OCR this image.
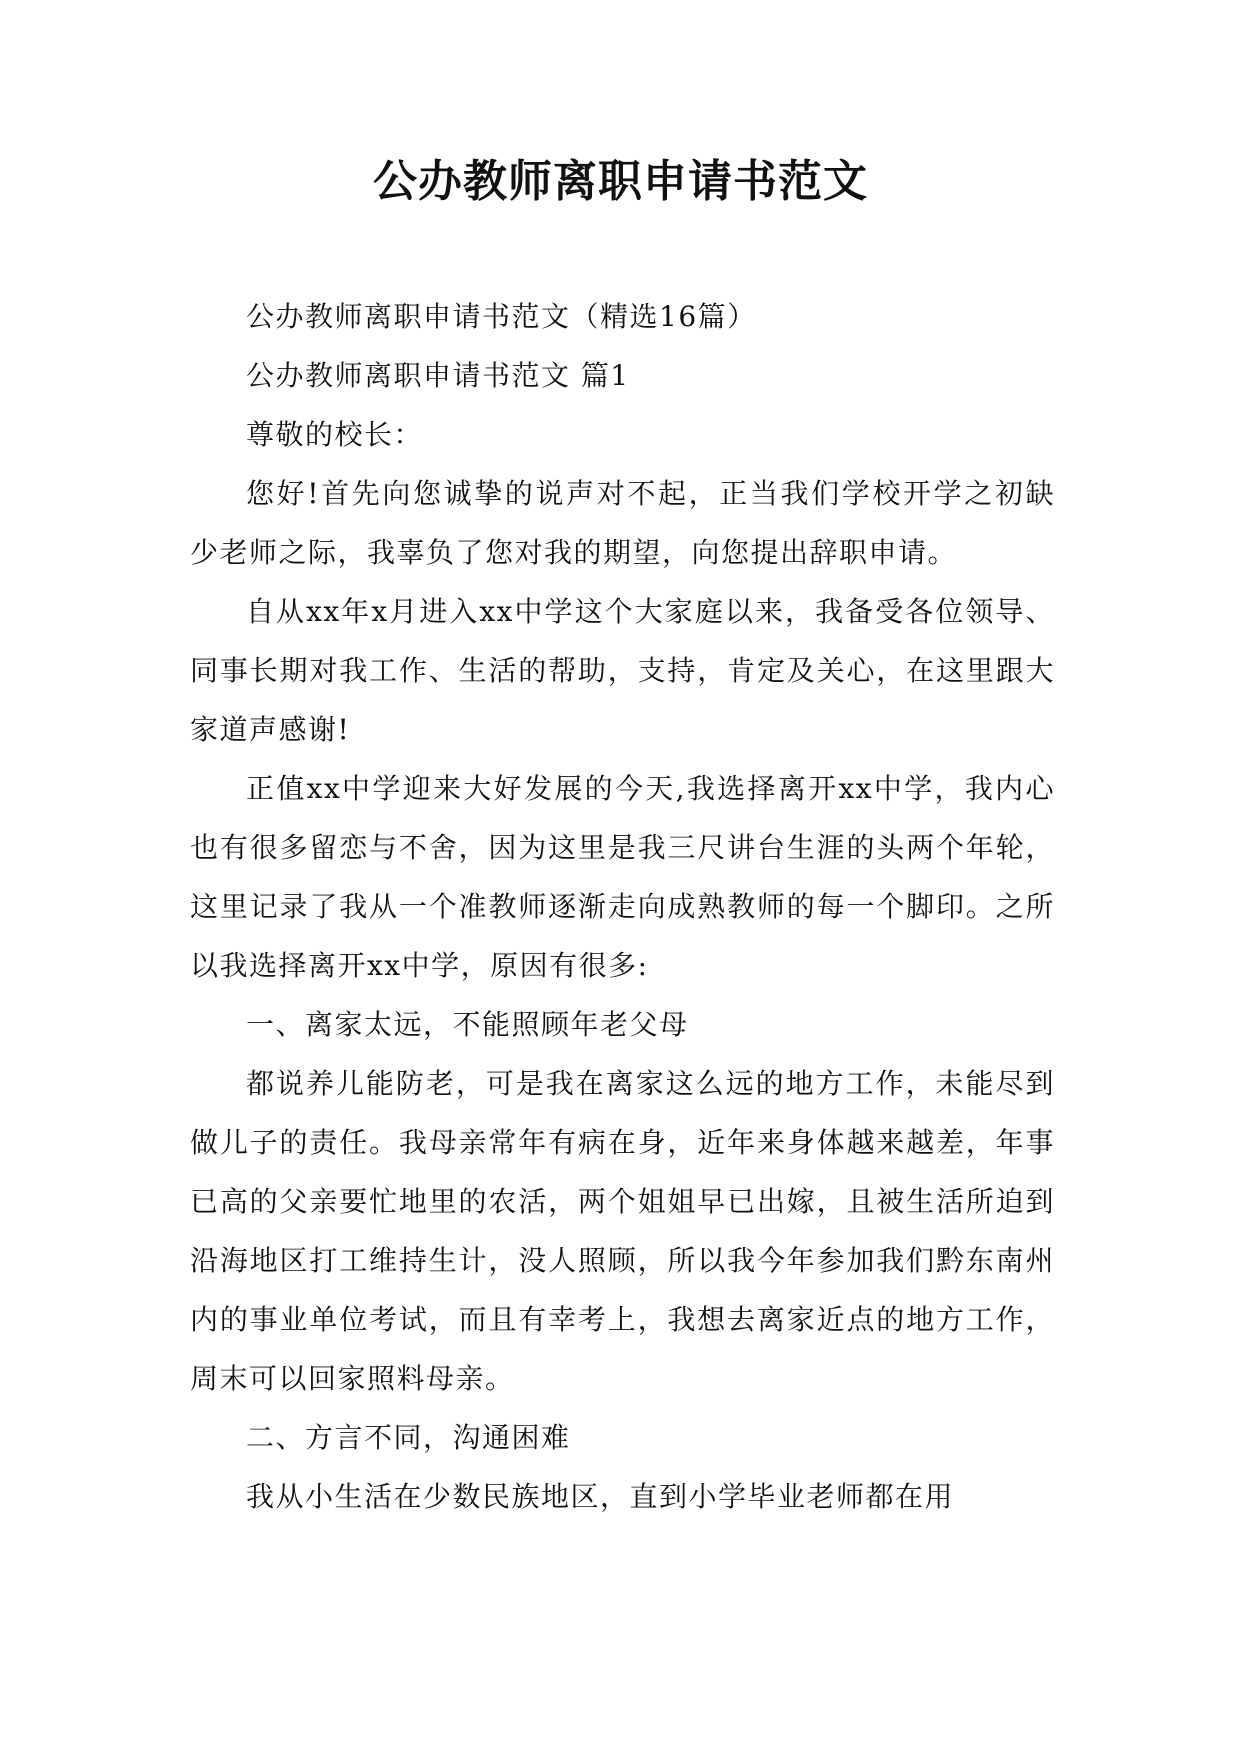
公办教师离职申请书范文

公办教师离职申请书范文（精选16篇）

公办教师离职申请书范文 篇1

尊敬的校长：

您好!首先向您诚挚的说声对不起，正当我们学校开学之初缺少老师之际，我辜负了您对我的期望，向您提出辞职申请。

自从xx年x月进入xx中学这个大家庭以来，我备受各位领导、同事长期对我工作、生活的帮助，支持，肯定及关心，在这里跟大家道声感谢!

正值xx中学迎来大好发展的今天,我选择离开xx中学，我内心也有很多留恋与不舍，因为这里是我三尺讲台生涯的头两个年轮，这里记录了我从一个准教师逐渐走向成熟教师的每一个脚印。之所以我选择离开xx中学，原因有很多:

一、离家太远，不能照顾年老父母

都说养儿能防老，可是我在离家这么远的地方工作，未能尽到做儿子的责任。我母亲常年有病在身，近年来身体越来越差，年事已高的父亲要忙地里的农活，两个姐姐早已出嫁，且被生活所迫到沿海地区打工维持生计，没人照顾，所以我今年参加我们黔东南州内的事业单位考试，而且有幸考上，我想去离家近点的地方工作，周末可以回家照料母亲。

二、方言不同，沟通困难

我从小生活在少数民族地区，直到小学毕业老师都在用
